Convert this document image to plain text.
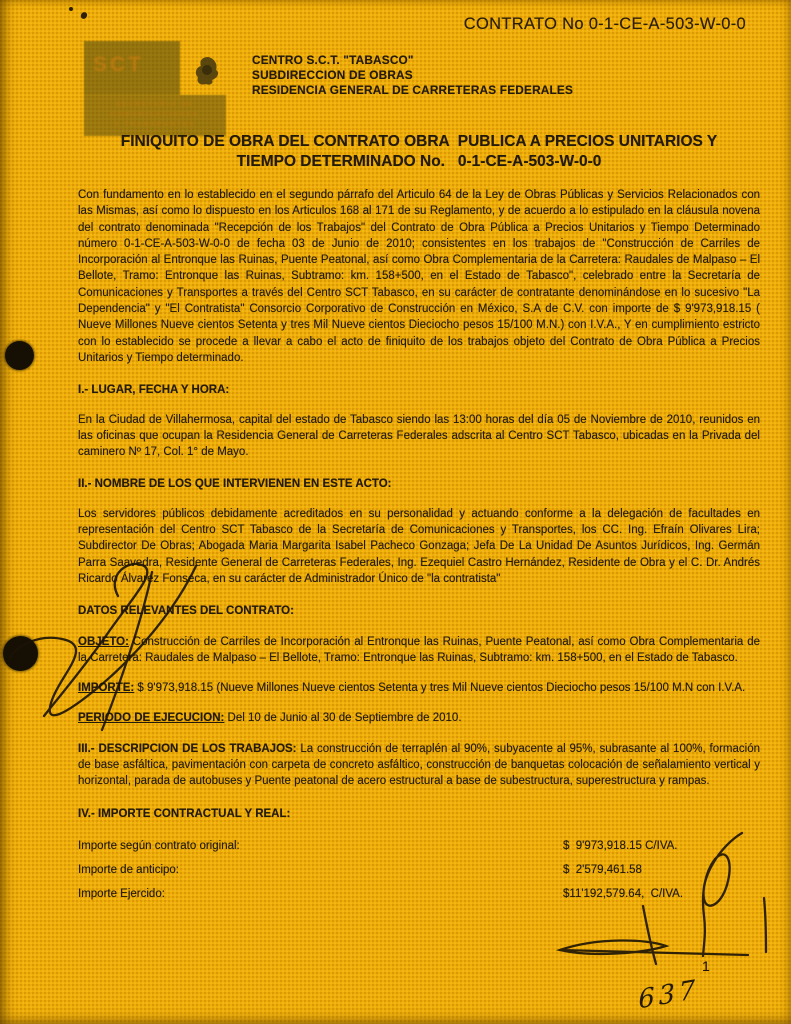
SCT
SECRETARIA DE
COMUNICACIONES
Y TRANSPORTES
CONTRATO No 0-1-CE-A-503-W-0-0
CENTRO S.C.T. "TABASCO"
SUBDIRECCION DE OBRAS
RESIDENCIA GENERAL DE CARRETERAS FEDERALES
FINIQUITO DE OBRA DEL CONTRATO OBRA  PUBLICA A PRECIOS UNITARIOS Y
TIEMPO DETERMINADO No.   0-1-CE-A-503-W-0-0

Con fundamento en lo establecido en el segundo párrafo del Articulo 64 de la Ley de Obras Públicas y Servicios Relacionados con las Mismas, así como lo dispuesto en los Articulos 168 al 171 de su Reglamento, y de acuerdo a lo estipulado en la cláusula novena del contrato denominada "Recepción de los Trabajos" del Contrato de Obra Pública a Precios Unitarios y Tiempo Determinado número 0-1-CE-A-503-W-0-0 de fecha 03 de Junio de 2010; consistentes en los trabajos de "Construcción de Carriles de Incorporación al Entronque las Ruinas, Puente Peatonal, así como Obra Complementaria de la Carretera: Raudales de Malpaso – El Bellote, Tramo: Entronque las Ruinas, Subtramo: km. 158+500, en el Estado de Tabasco", celebrado entre la Secretaría de Comunicaciones y Transportes a través del Centro SCT Tabasco, en su carácter de contratante denominándose en lo sucesivo "La Dependencia" y "El Contratista" Consorcio Corporativo de Construcción en México, S.A de C.V. con importe de $ 9'973,918.15 ( Nueve Millones Nueve cientos Setenta y tres Mil Nueve cientos Dieciocho pesos 15/100 M.N.) con I.V.A., Y en cumplimiento estricto con lo establecido se procede a llevar a cabo el acto de finiquito de los trabajos objeto del Contrato de Obra Pública a Precios Unitarios y Tiempo determinado.

I.- LUGAR, FECHA Y HORA:

En la Ciudad de Villahermosa, capital del estado de Tabasco siendo las 13:00 horas del día 05 de Noviembre de 2010, reunidos en las oficinas que ocupan la Residencia General de Carreteras Federales adscrita al Centro SCT Tabasco, ubicadas en la Privada del caminero Nº 17, Col. 1° de Mayo.

II.- NOMBRE DE LOS QUE INTERVIENEN EN ESTE ACTO:

Los servidores públicos debidamente acreditados en su personalidad y actuando conforme a la delegación de facultades en representación del Centro SCT Tabasco de la Secretaría de Comunicaciones y Transportes, los CC. Ing. Efraín Olivares Lira; Subdirector De Obras; Abogada Maria Margarita Isabel Pacheco Gonzaga; Jefa De La Unidad De Asuntos Jurídicos, Ing. Germán Parra Saavedra, Residente General de Carreteras Federales, Ing. Ezequiel Castro Hernández, Residente de Obra y el C. Dr. Andrés Ricardo Álvarez Fonseca, en su carácter de Administrador Único de "la contratista"

DATOS RELEVANTES DEL CONTRATO:

OBJETO: Construcción de Carriles de Incorporación al Entronque las Ruinas, Puente Peatonal, así como Obra Complementaria de la Carretera: Raudales de Malpaso – El Bellote, Tramo: Entronque las Ruinas, Subtramo: km. 158+500, en el Estado de Tabasco.

IMPORTE: $ 9'973,918.15 (Nueve Millones Nueve cientos Setenta y tres Mil Nueve cientos Dieciocho pesos 15/100 M.N con I.V.A.

PERIODO DE EJECUCION: Del 10 de Junio al 30 de Septiembre de 2010.

III.- DESCRIPCION DE LOS TRABAJOS: La construcción de terraplén al 90%, subyacente al 95%, subrasante al 100%, formación de base asfáltica, pavimentación con carpeta de concreto asfáltico, construcción de banquetas colocación de señalamiento vertical y horizontal, parada de autobuses y Puente peatonal de acero estructural a base de subestructura, superestructura y rampas.

IV.- IMPORTE CONTRACTUAL Y REAL:

Importe según contrato original:	$  9'973,918.15 C/IVA.
Importe de anticipo:	$  2'579,461.58
Importe Ejercido:	$11'192,579.64,  C/IVA.
1
637
